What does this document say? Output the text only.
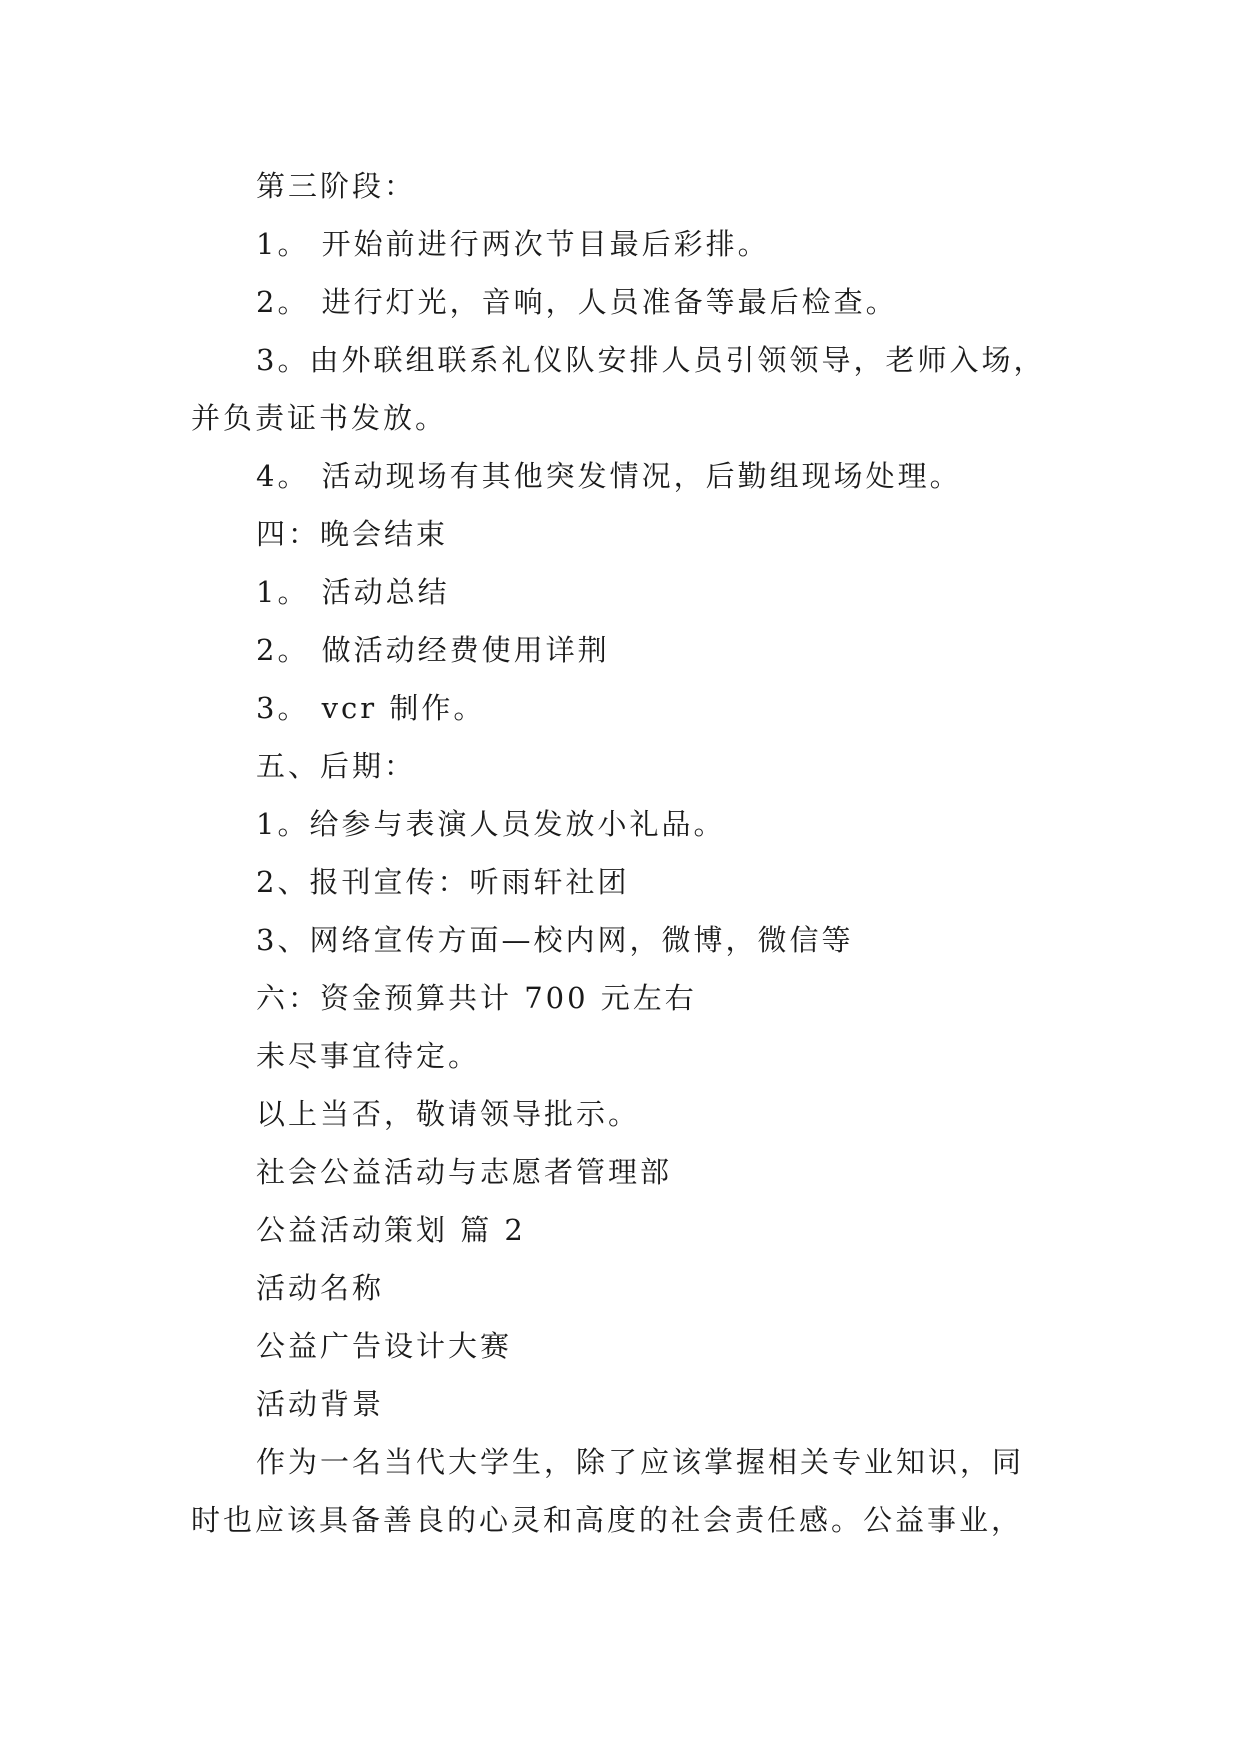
第三阶段：
1。 开始前进行两次节目最后彩排。
2。 进行灯光，音响，人员准备等最后检查。
3。由外联组联系礼仪队安排人员引领领导，老师入场，
并负责证书发放。
4。 活动现场有其他突发情况，后勤组现场处理。
四：晚会结束
1。 活动总结
2。 做活动经费使用详荆
3。 vcr 制作。
五、后期：
1。给参与表演人员发放小礼品。
2、报刊宣传：听雨轩社团
3、网络宣传方面—校内网，微博，微信等
六：资金预算共计 700 元左右
未尽事宜待定。
以上当否，敬请领导批示。
社会公益活动与志愿者管理部
公益活动策划 篇 2
活动名称
公益广告设计大赛
活动背景
作为一名当代大学生，除了应该掌握相关专业知识，同
时也应该具备善良的心灵和高度的社会责任感。公益事业，
